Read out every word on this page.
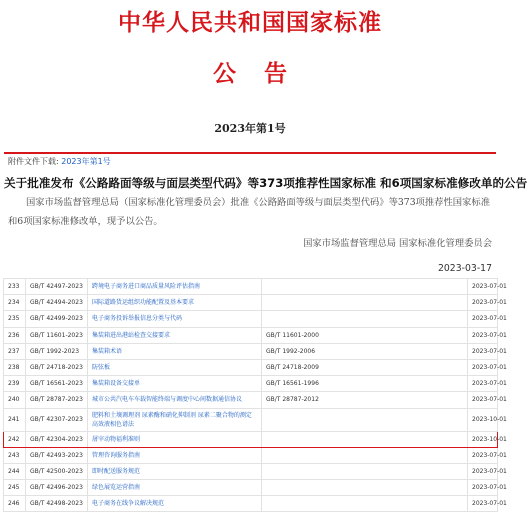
中华人民共和国国家标准
公告
2023年第1号
附件文件下载: 2023年第1号
关于批准发布《公路路面等级与面层类型代码》等373项推荐性国家标准 和6项国家标准修改单的公告
国家市场监督管理总局（国家标准化管理委员会）批准《公路路面等级与面层类型代码》等373项推荐性国家标准和6项国家标准修改单，现予以公告。
国家市场监督管理总局 国家标准化管理委员会
2023-03-17
233	GB/T 42497-2023	跨境电子商务进口商品质量风险评估指南		2023-07-01
234	GB/T 42494-2023	国际道路货运组织功能配置及基本要求		2023-07-01
235	GB/T 42499-2023	电子商务投诉举报信息分类与代码		2023-07-01
236	GB/T 11601-2023	集装箱进出港站检查交接要求	GB/T 11601-2000	2023-07-01
237	GB/T 1992-2023	集装箱术语	GB/T 1992-2006	2023-07-01
238	GB/T 24718-2023	防弦板	GB/T 24718-2009	2023-07-01
239	GB/T 16561-2023	集装箱设备交接单	GB/T 16561-1996	2023-07-01
240	GB/T 28787-2023	城市公共汽电车车载智能终端与调度中心间数据通信协议	GB/T 28787-2012	2023-07-01
241	GB/T 42307-2023	肥料和土壤调理剂 尿素酶和硝化抑制剂 尿素二聚合物的测定 高效液相色谱法		2023-10-01
242	GB/T 42304-2023	屠宰动物福利准则		2023-10-01
243	GB/T 42493-2023	管理咨询服务指南		2023-07-01
244	GB/T 42500-2023	即时配送服务规范		2023-07-01
245	GB/T 42496-2023	绿色展览运营指南		2023-07-01
246	GB/T 42498-2023	电子商务在线争议解决规范		2023-07-01
